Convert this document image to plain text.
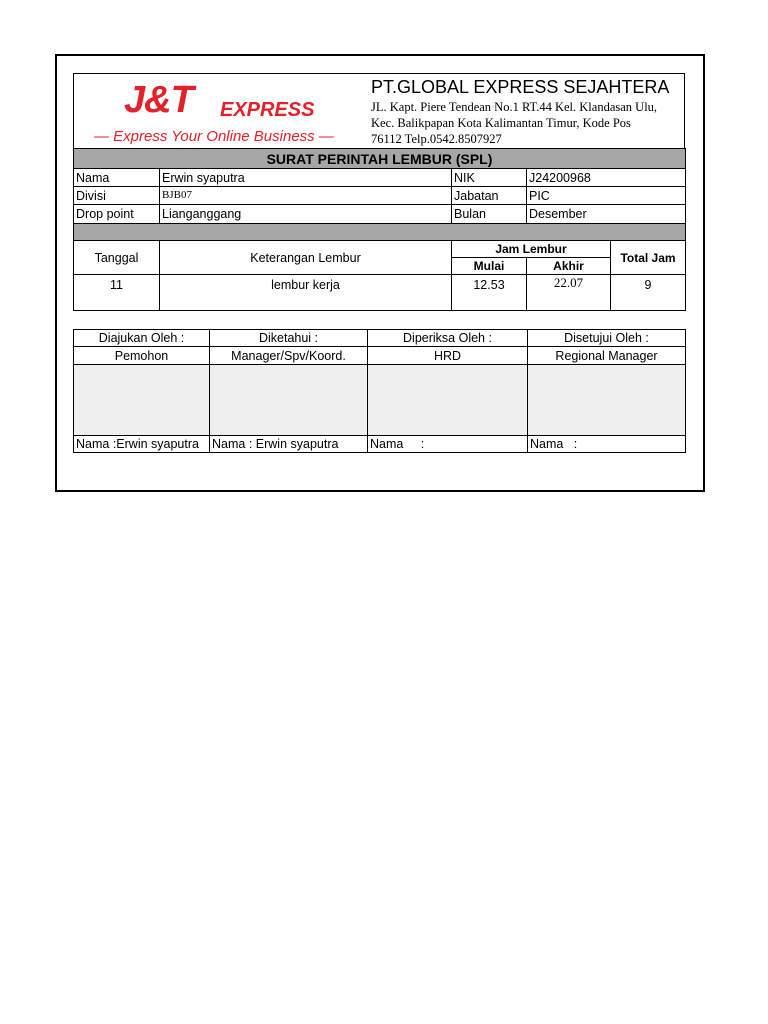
J&T EXPRESS
— Express Your Online Business —
PT.GLOBAL EXPRESS SEJAHTERA
JL. Kapt. Piere Tendean No.1 RT.44 Kel. Klandasan Ulu,
Kec. Balikpapan Kota Kalimantan Timur, Kode Pos
76112 Telp.0542.8507927
SURAT PERINTAH LEMBUR (SPL)			
Nama	Erwin syaputra	NIK	J24200968
Divisi	BJB07	Jabatan	PIC
Drop point	Lianganggang	Bulan	Desember

Tanggal	Keterangan Lembur	Jam Lembur		Total Jam
		Mulai	Akhir	
11	lembur kerja	12.53	22.07	9
Diajukan Oleh :	Diketahui :	Diperiksa Oleh :	Disetujui Oleh :
Pemohon	Manager/Spv/Koord.	HRD	Regional Manager

Nama :Erwin syaputra	Nama : Erwin syaputra	Nama     :	Nama   :
